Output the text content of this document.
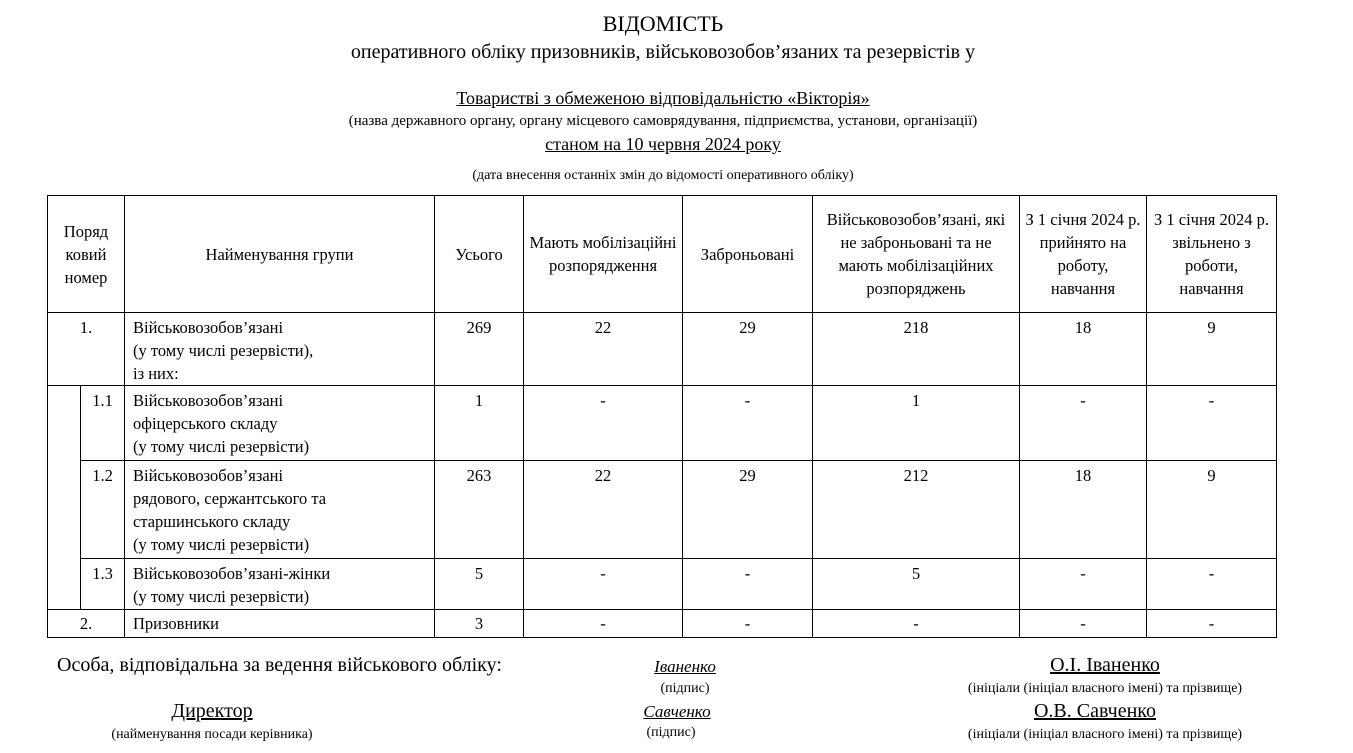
ВІДОМІСТЬ
оперативного обліку призовників, військовозобов’язаних та резервістів у
Товаристві з обмеженою відповідальністю «Вікторія»
(назва державного органу, органу місцевого самоврядування, підприємства, установи, організації)
станом на 10 червня 2024 року
(дата внесення останніх змін до відомості оперативного обліку)
Поряд ковий номер		Найменування групи	Усього	Мають мобілізаційні розпорядження	Заброньовані	Військовозобов’язані, які не заброньовані та не мають мобілізаційних розпоряджень	З 1 січня 2024 р. прийнято на роботу, навчання	З 1 січня 2024 р. звільнено з роботи, навчання
1.		Військовозобов’язані
(у тому числі резервісти),
із них:	269	22	29	218	18	9
	1.1	Військовозобов’язані
офіцерського складу
(у тому числі резервісти)	1	-	-	1	-	-
	1.2	Військовозобов’язані
рядового, сержантського та
старшинського складу
(у тому числі резервісти)	263	22	29	212	18	9
	1.3	Військовозобов’язані-жінки
(у тому числі резервісти)	5	-	-	5	-	-
2.		Призовники	3	-	-	-	-	-
Особа, відповідальна за ведення військового обліку:	Іваненко
(підпис)
О.І. Іваненко
(ініціали (ініціал власного імені) та прізвище)
Директор
(найменування посади керівника)
Савченко
(підпис)
О.В. Савченко
(ініціали (ініціал власного імені) та прізвище)
